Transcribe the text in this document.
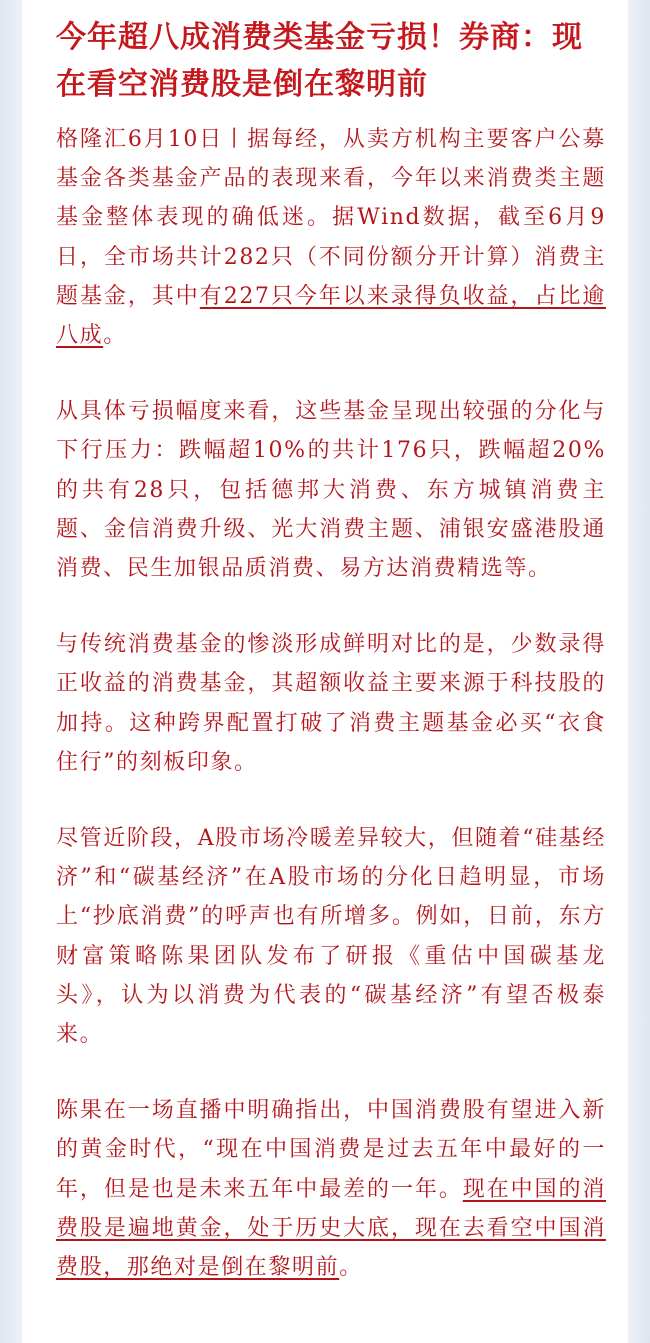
今年超八成消费类基金亏损！券商：现在看空消费股是倒在黎明前

格隆汇6月10日丨据每经，从卖方机构主要客户公募基金各类基金产品的表现来看，今年以来消费类主题基金整体表现的确低迷。据Wind数据，截至6月9日，全市场共计282只（不同份额分开计算）消费主题基金，其中有227只今年以来录得负收益，占比逾八成。

从具体亏损幅度来看，这些基金呈现出较强的分化与下行压力：跌幅超10%的共计176只，跌幅超20%的共有28只，包括德邦大消费、东方城镇消费主题、金信消费升级、光大消费主题、浦银安盛港股通消费、民生加银品质消费、易方达消费精选等。

与传统消费基金的惨淡形成鲜明对比的是，少数录得正收益的消费基金，其超额收益主要来源于科技股的加持。这种跨界配置打破了消费主题基金必买“衣食住行”的刻板印象。

尽管近阶段，A股市场冷暖差异较大，但随着“硅基经济”和“碳基经济”在A股市场的分化日趋明显，市场上“抄底消费”的呼声也有所增多。例如，日前，东方财富策略陈果团队发布了研报《重估中国碳基龙头》，认为以消费为代表的“碳基经济”有望否极泰来。

陈果在一场直播中明确指出，中国消费股有望进入新的黄金时代，“现在中国消费是过去五年中最好的一年，但是也是未来五年中最差的一年。现在中国的消费股是遍地黄金，处于历史大底，现在去看空中国消费股，那绝对是倒在黎明前。
